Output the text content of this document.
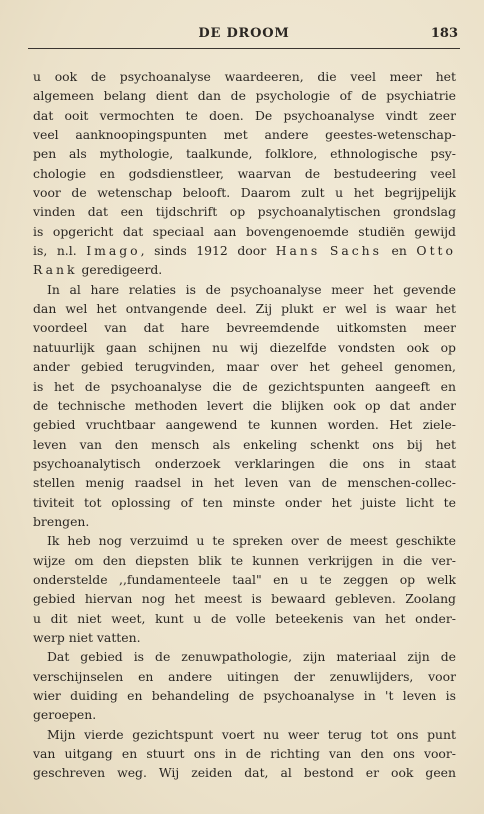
DE DROOM	183
u ook de psychoanalyse waardeeren, die veel meer het
algemeen belang dient dan de psychologie of de psychiatrie
dat ooit vermochten te doen. De psychoanalyse vindt zeer
veel aanknoopingspunten met andere geestes-wetenschap-
pen als mythologie, taalkunde, folklore, ethnologische psy-
chologie en godsdienstleer, waarvan de bestudeering veel
voor de wetenschap belooft. Daarom zult u het begrijpelijk
vinden dat een tijdschrift op psychoanalytischen grondslag
is opgericht dat speciaal aan bovengenoemde studiën gewijd
is, n.l. Imago, sinds 1912 door Hans Sachs en Otto
Rank geredigeerd.
In al hare relaties is de psychoanalyse meer het gevende
dan wel het ontvangende deel. Zij plukt er wel is waar het
voordeel van dat hare bevreemdende uitkomsten meer
natuurlijk gaan schijnen nu wij diezelfde vondsten ook op
ander gebied terugvinden, maar over het geheel genomen,
is het de psychoanalyse die de gezichtspunten aangeeft en
de technische methoden levert die blijken ook op dat ander
gebied vruchtbaar aangewend te kunnen worden. Het ziele-
leven van den mensch als enkeling schenkt ons bij het
psychoanalytisch onderzoek verklaringen die ons in staat
stellen menig raadsel in het leven van de menschen-collec-
tiviteit tot oplossing of ten minste onder het juiste licht te
brengen.
Ik heb nog verzuimd u te spreken over de meest geschikte
wijze om den diepsten blik te kunnen verkrijgen in die ver-
onderstelde ,,fundamenteele taal" en u te zeggen op welk
gebied hiervan nog het meest is bewaard gebleven. Zoolang
u dit niet weet, kunt u de volle beteekenis van het onder-
werp niet vatten.
Dat gebied is de zenuwpathologie, zijn materiaal zijn de
verschijnselen en andere uitingen der zenuwlijders, voor
wier duiding en behandeling de psychoanalyse in 't leven is
geroepen.
Mijn vierde gezichtspunt voert nu weer terug tot ons punt
van uitgang en stuurt ons in de richting van den ons voor-
geschreven weg. Wij zeiden dat, al bestond er ook geen
